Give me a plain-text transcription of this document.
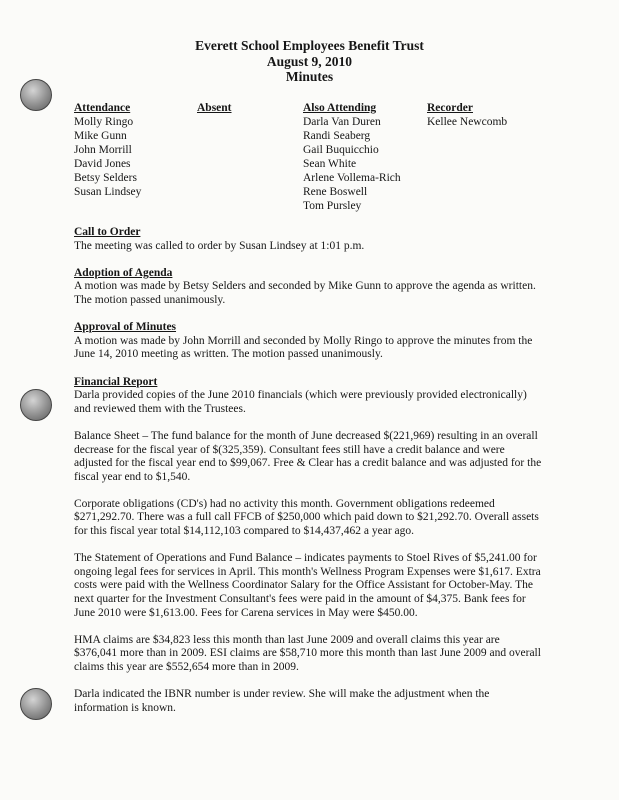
Everett School Employees Benefit Trust
August 9, 2010
Minutes
Attendance
Molly Ringo
Mike Gunn
John Morrill
David Jones
Betsy Selders
Susan Lindsey
Absent	Also Attending
Darla Van Duren
Randi Seaberg
Gail Buquicchio
Sean White
Arlene Vollema-Rich
Rene Boswell
Tom Pursley
Recorder
Kellee Newcomb
Call to Order

The meeting was called to order by Susan Lindsey at 1:01 p.m.

Adoption of Agenda

A motion was made by Betsy Selders and seconded by Mike Gunn to approve the agenda as written. The motion passed unanimously.

Approval of Minutes

A motion was made by John Morrill and seconded by Molly Ringo to approve the minutes from the June 14, 2010 meeting as written. The motion passed unanimously.

Financial Report

Darla provided copies of the June 2010 financials (which were previously provided electronically) and reviewed them with the Trustees.

Balance Sheet – The fund balance for the month of June decreased $(221,969) resulting in an overall decrease for the fiscal year of $(325,359). Consultant fees still have a credit balance and were adjusted for the fiscal year end to $99,067. Free & Clear has a credit balance and was adjusted for the fiscal year end to $1,540.

Corporate obligations (CD's) had no activity this month. Government obligations redeemed $271,292.70. There was a full call FFCB of $250,000 which paid down to $21,292.70. Overall assets for this fiscal year total $14,112,103 compared to $14,437,462 a year ago.

The Statement of Operations and Fund Balance – indicates payments to Stoel Rives of $5,241.00 for ongoing legal fees for services in April. This month's Wellness Program Expenses were $1,617. Extra costs were paid with the Wellness Coordinator Salary for the Office Assistant for October-May. The next quarter for the Investment Consultant's fees were paid in the amount of $4,375. Bank fees for June 2010 were $1,613.00. Fees for Carena services in May were $450.00.

HMA claims are $34,823 less this month than last June 2009 and overall claims this year are $376,041 more than in 2009. ESI claims are $58,710 more this month than last June 2009 and overall claims this year are $552,654 more than in 2009.

Darla indicated the IBNR number is under review. She will make the adjustment when the information is known.
